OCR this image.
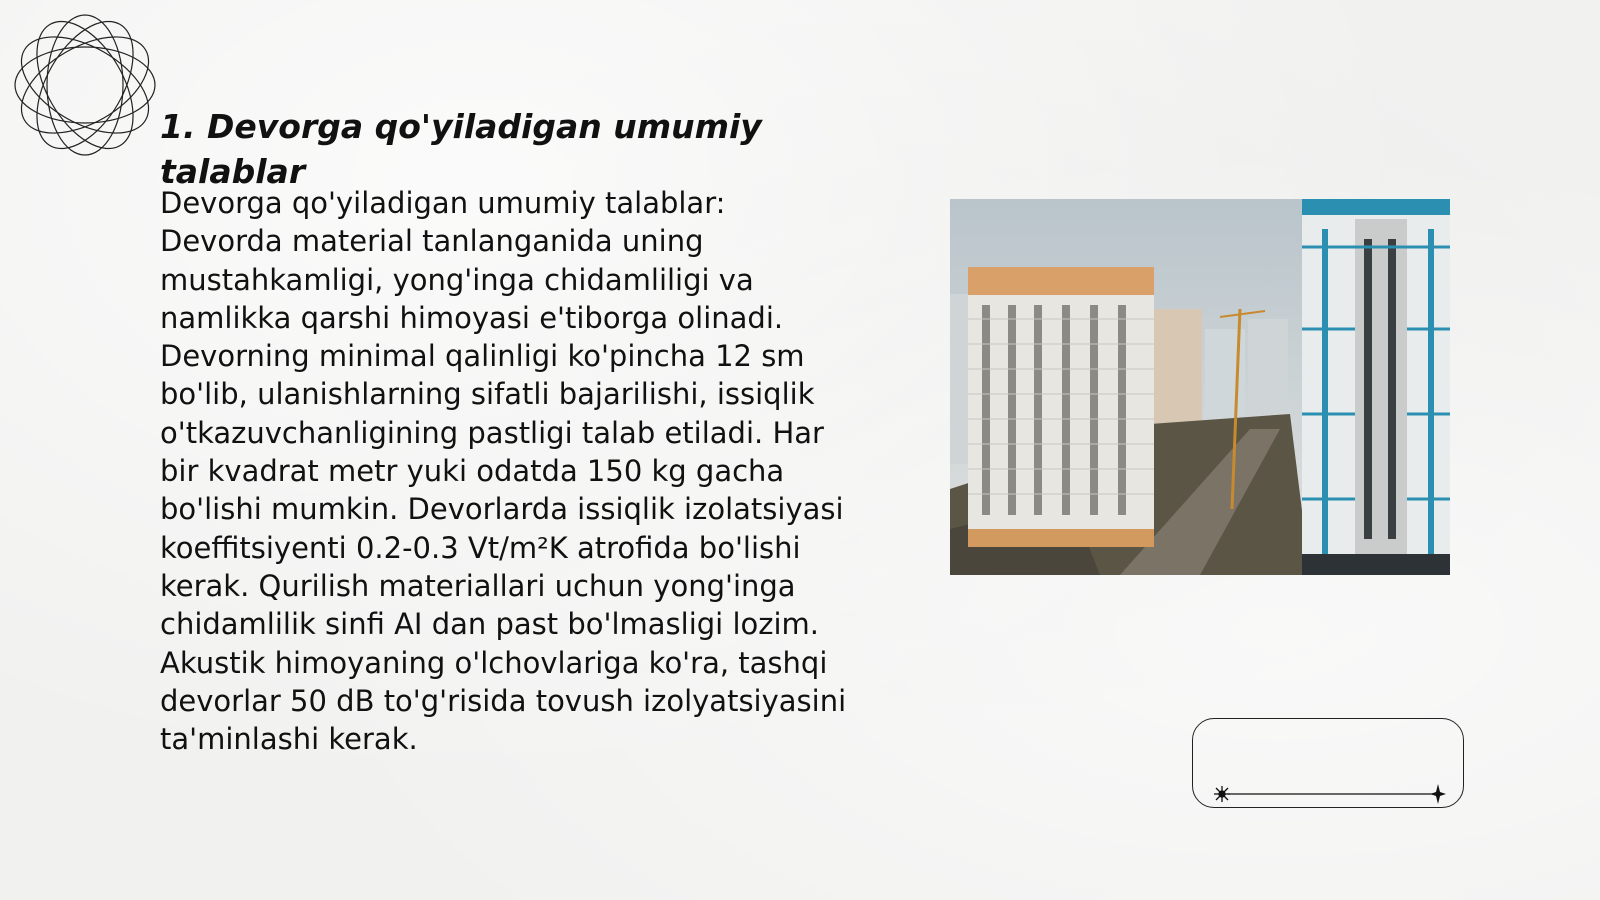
1. Devorga qo'yiladigan umumiy talablar

Devorga qo'yiladigan umumiy talablar: Devorda material tanlanganida uning mustahkamligi, yong'inga chidamliligi va namlikka qarshi himoyasi e'tiborga olinadi. Devorning minimal qalinligi ko'pincha 12 sm bo'lib, ulanishlarning sifatli bajarilishi, issiqlik o'tkazuvchanligining pastligi talab etiladi. Har bir kvadrat metr yuki odatda 150 kg gacha bo'lishi mumkin. Devorlarda issiqlik izolatsiyasi koeffitsiyenti 0.2-0.3 Vt/m²K atrofida bo'lishi kerak. Qurilish materiallari uchun yong'inga chidamlilik sinfi AI dan past bo'lmasligi lozim. Akustik himoyaning o'lchovlariga ko'ra, tashqi devorlar 50 dB to'g'risida tovush izolyatsiyasini ta'minlashi kerak.
